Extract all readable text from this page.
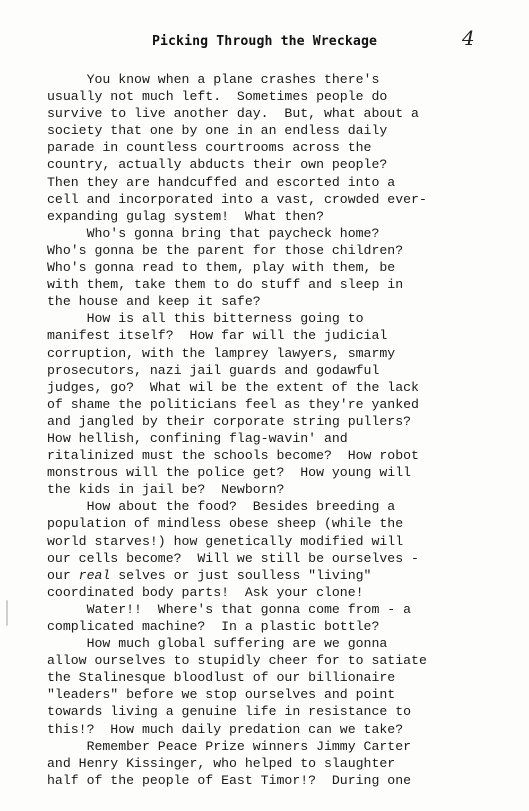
4
Picking Through the Wreckage
You know when a plane crashes there's
usually not much left.  Sometimes people do
survive to live another day.  But, what about a
society that one by one in an endless daily
parade in countless courtrooms across the
country, actually abducts their own people?
Then they are handcuffed and escorted into a
cell and incorporated into a vast, crowded ever-
expanding gulag system!  What then?
Who's gonna bring that paycheck home?
Who's gonna be the parent for those children?
Who's gonna read to them, play with them, be
with them, take them to do stuff and sleep in
the house and keep it safe?
How is all this bitterness going to
manifest itself?  How far will the judicial
corruption, with the lamprey lawyers, smarmy
prosecutors, nazi jail guards and godawful
judges, go?  What wil be the extent of the lack
of shame the politicians feel as they're yanked
and jangled by their corporate string pullers?
How hellish, confining flag-wavin' and
ritalinized must the schools become?  How robot
monstrous will the police get?  How young will
the kids in jail be?  Newborn?
How about the food?  Besides breeding a
population of mindless obese sheep (while the
world starves!) how genetically modified will
our cells become?  Will we still be ourselves -
our real selves or just soulless "living"
coordinated body parts!  Ask your clone!
Water!!  Where's that gonna come from - a
complicated machine?  In a plastic bottle?
How much global suffering are we gonna
allow ourselves to stupidly cheer for to satiate
the Stalinesque bloodlust of our billionaire
"leaders" before we stop ourselves and point
towards living a genuine life in resistance to
this!?  How much daily predation can we take?
Remember Peace Prize winners Jimmy Carter
and Henry Kissinger, who helped to slaughter
half of the people of East Timor!?  During one
